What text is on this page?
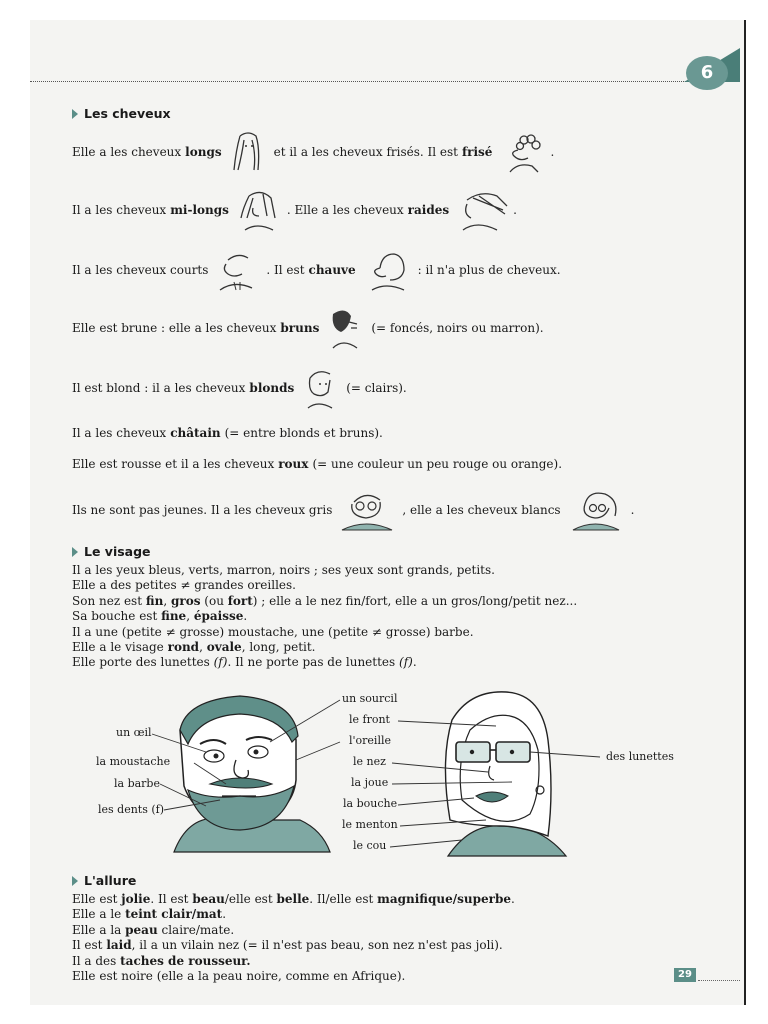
6
Les cheveux
Elle a les cheveux longs	et il a les cheveux frisés. Il est frisé	.
Il a les cheveux mi-longs	. Elle a les cheveux raides	.
Il a les cheveux courts	. Il est chauve	: il n'a plus de cheveux.
Elle est brune : elle a les cheveux bruns	(= foncés, noirs ou marron).
Il est blond : il a les cheveux blonds	(= clairs).
Il a les cheveux châtain (= entre blonds et bruns).
Elle est rousse et il a les cheveux roux (= une couleur un peu rouge ou orange).
Ils ne sont pas jeunes. Il a les cheveux gris	, elle a les cheveux blancs	.
Le visage
Il a les yeux bleus, verts, marron, noirs ; ses yeux sont grands, petits.
Elle a des petites ≠ grandes oreilles.
Son nez est fin, gros (ou fort) ; elle a le nez fin/fort, elle a un gros/long/petit nez...
Sa bouche est fine, épaisse.
Il a une (petite ≠ grosse) moustache, une (petite ≠ grosse) barbe.
Elle a le visage rond, ovale, long, petit.
Elle porte des lunettes (f). Il ne porte pas de lunettes (f).
un œil
la moustache
la barbe
les dents (f)
un sourcil
le front
l'oreille
le nez
la joue
la bouche
le menton
le cou
des lunettes
L'allure
Elle est jolie. Il est beau/elle est belle. Il/elle est magnifique/superbe.
Elle a le teint clair/mat.
Elle a la peau claire/mate.
Il est laid, il a un vilain nez (= il n'est pas beau, son nez n'est pas joli).
Il a des taches de rousseur.
Elle est noire (elle a la peau noire, comme en Afrique).	29
